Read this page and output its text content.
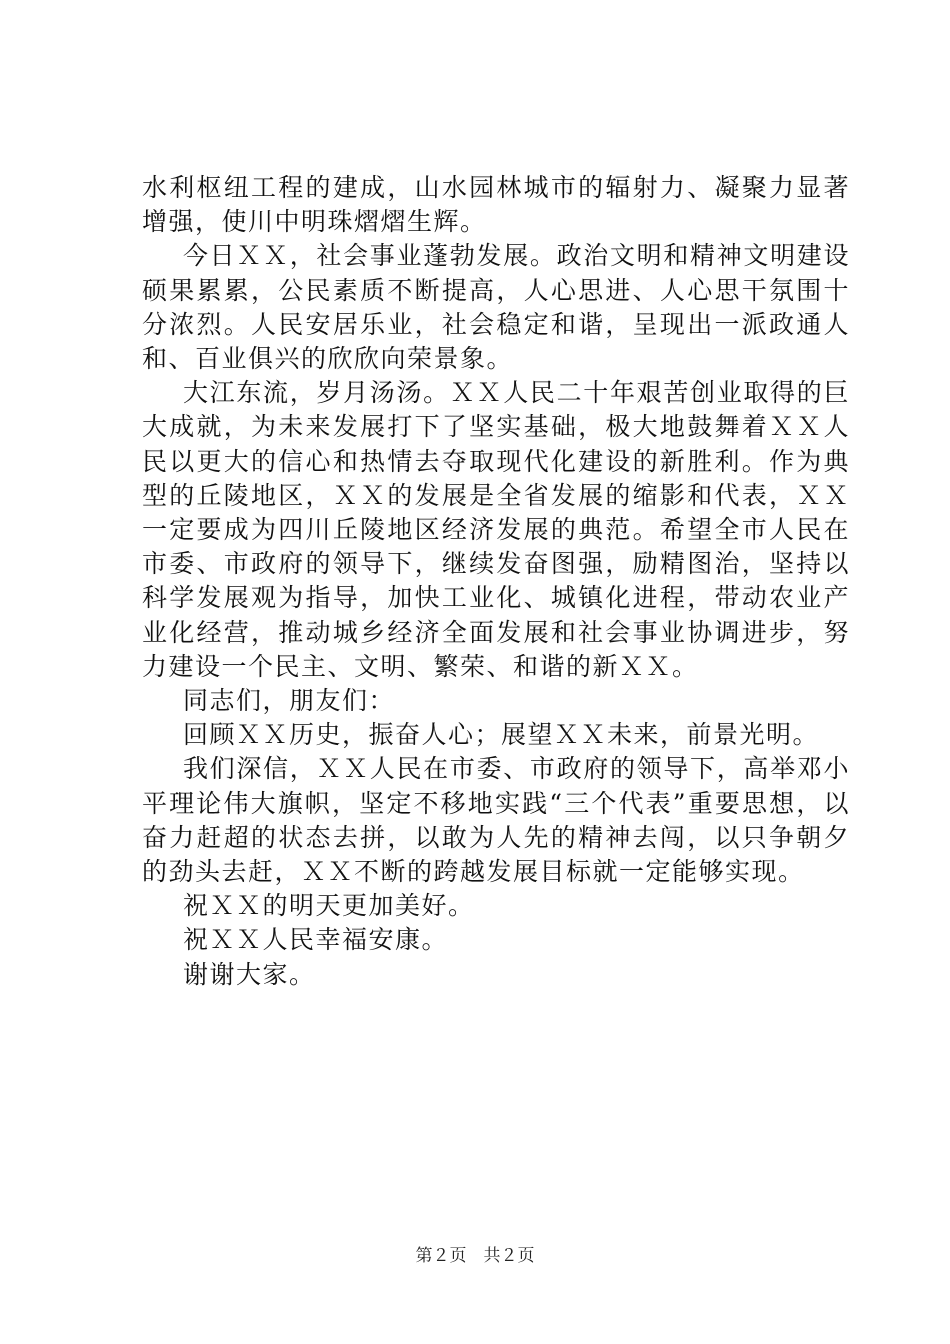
水利枢纽工程的建成，山水园林城市的辐射力、凝聚力显著增强，使川中明珠熠熠生辉。

今日ＸＸ，社会事业蓬勃发展。政治文明和精神文明建设硕果累累，公民素质不断提高，人心思进、人心思干氛围十分浓烈。人民安居乐业，社会稳定和谐，呈现出一派政通人和、百业俱兴的欣欣向荣景象。

大江东流，岁月汤汤。ＸＸ人民二十年艰苦创业取得的巨大成就，为未来发展打下了坚实基础，极大地鼓舞着ＸＸ人民以更大的信心和热情去夺取现代化建设的新胜利。作为典型的丘陵地区，ＸＸ的发展是全省发展的缩影和代表，ＸＸ一定要成为四川丘陵地区经济发展的典范。希望全市人民在市委、市政府的领导下，继续发奋图强，励精图治，坚持以科学发展观为指导，加快工业化、城镇化进程，带动农业产业化经营，推动城乡经济全面发展和社会事业协调进步，努力建设一个民主、文明、繁荣、和谐的新ＸＸ。

同志们，朋友们：

回顾ＸＸ历史，振奋人心；展望ＸＸ未来，前景光明。

我们深信，ＸＸ人民在市委、市政府的领导下，高举邓小平理论伟大旗帜，坚定不移地实践“三个代表”重要思想，以奋力赶超的状态去拼，以敢为人先的精神去闯，以只争朝夕的劲头去赶，ＸＸ不断的跨越发展目标就一定能够实现。

祝ＸＸ的明天更加美好。

祝ＸＸ人民幸福安康。

谢谢大家。

第２页　共２页
